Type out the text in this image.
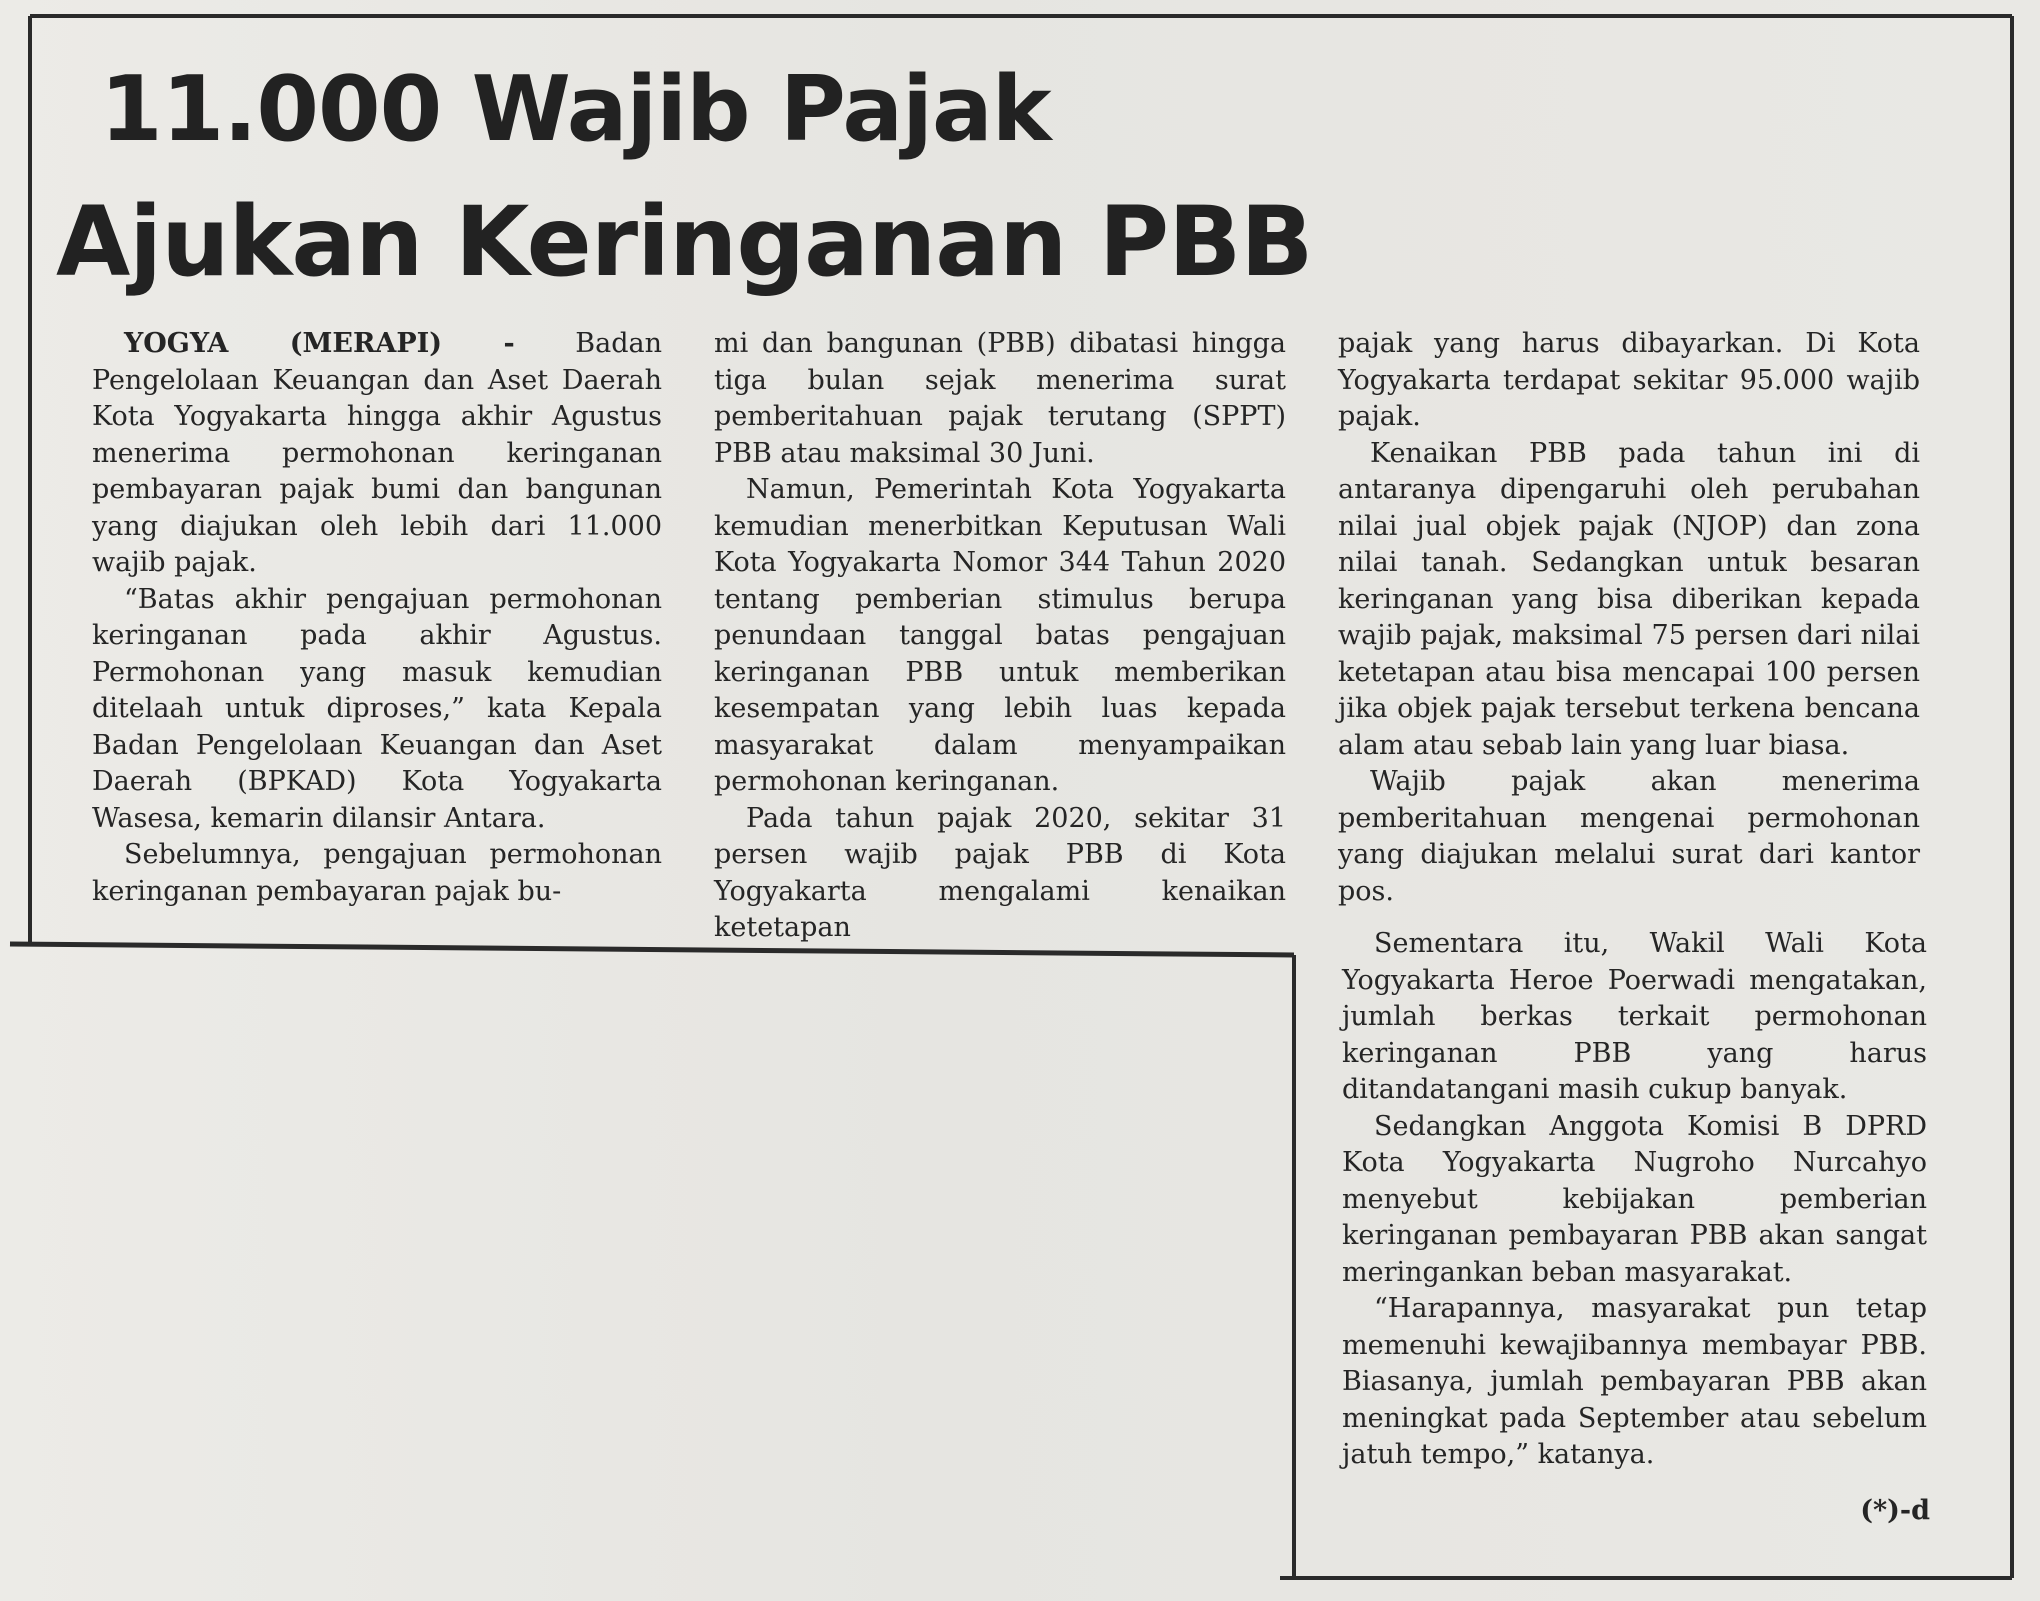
11.000 Wajib Pajak
Ajukan Keringanan PBB

YOGYA (MERAPI) - Badan Pengelolaan Keuangan dan Aset Daerah Kota Yogyakarta hingga akhir Agustus menerima permohonan keringanan pembayaran pajak bumi dan bangunan yang diajukan oleh lebih dari 11.000 wajib pajak.

“Batas akhir pengajuan permohonan keringanan pada akhir Agustus. Permohonan yang masuk kemudian ditelaah untuk diproses,” kata Kepala Badan Pengelolaan Keuangan dan Aset Daerah (BPKAD) Kota Yogyakarta Wasesa, kemarin dilansir Antara.

Sebelumnya, pengajuan permohonan keringanan pembayaran pajak bu-

mi dan bangunan (PBB) dibatasi hingga tiga bulan sejak menerima surat pemberitahuan pajak terutang (SPPT) PBB atau maksimal 30 Juni.

Namun, Pemerintah Kota Yogyakarta kemudian menerbitkan Keputusan Wali Kota Yogyakarta Nomor 344 Tahun 2020 tentang pemberian stimulus berupa penundaan tanggal batas pengajuan keringanan PBB untuk memberikan kesempatan yang lebih luas kepada masyarakat dalam menyampaikan permohonan keringanan.

Pada tahun pajak 2020, sekitar 31 persen wajib pajak PBB di Kota Yogyakarta mengalami kenaikan ketetapan

pajak yang harus dibayarkan. Di Kota Yogyakarta terdapat sekitar 95.000 wajib pajak.

Kenaikan PBB pada tahun ini di antaranya dipengaruhi oleh perubahan nilai jual objek pajak (NJOP) dan zona nilai tanah. Sedangkan untuk besaran keringanan yang bisa diberikan kepada wajib pajak, maksimal 75 persen dari nilai ketetapan atau bisa mencapai 100 persen jika objek pajak tersebut terkena bencana alam atau sebab lain yang luar biasa.

Wajib pajak akan menerima pemberitahuan mengenai permohonan yang diajukan melalui surat dari kantor pos.

Sementara itu, Wakil Wali Kota Yogyakarta Heroe Poerwadi mengatakan, jumlah berkas terkait permohonan keringanan PBB yang harus ditandatangani masih cukup banyak.

Sedangkan Anggota Komisi B DPRD Kota Yogyakarta Nugroho Nurcahyo menyebut kebijakan pemberian keringanan pembayaran PBB akan sangat meringankan beban masyarakat.

“Harapannya, masyarakat pun tetap memenuhi kewajibannya membayar PBB. Biasanya, jumlah pembayaran PBB akan meningkat pada September atau sebelum jatuh tempo,” katanya.

(*)-d
